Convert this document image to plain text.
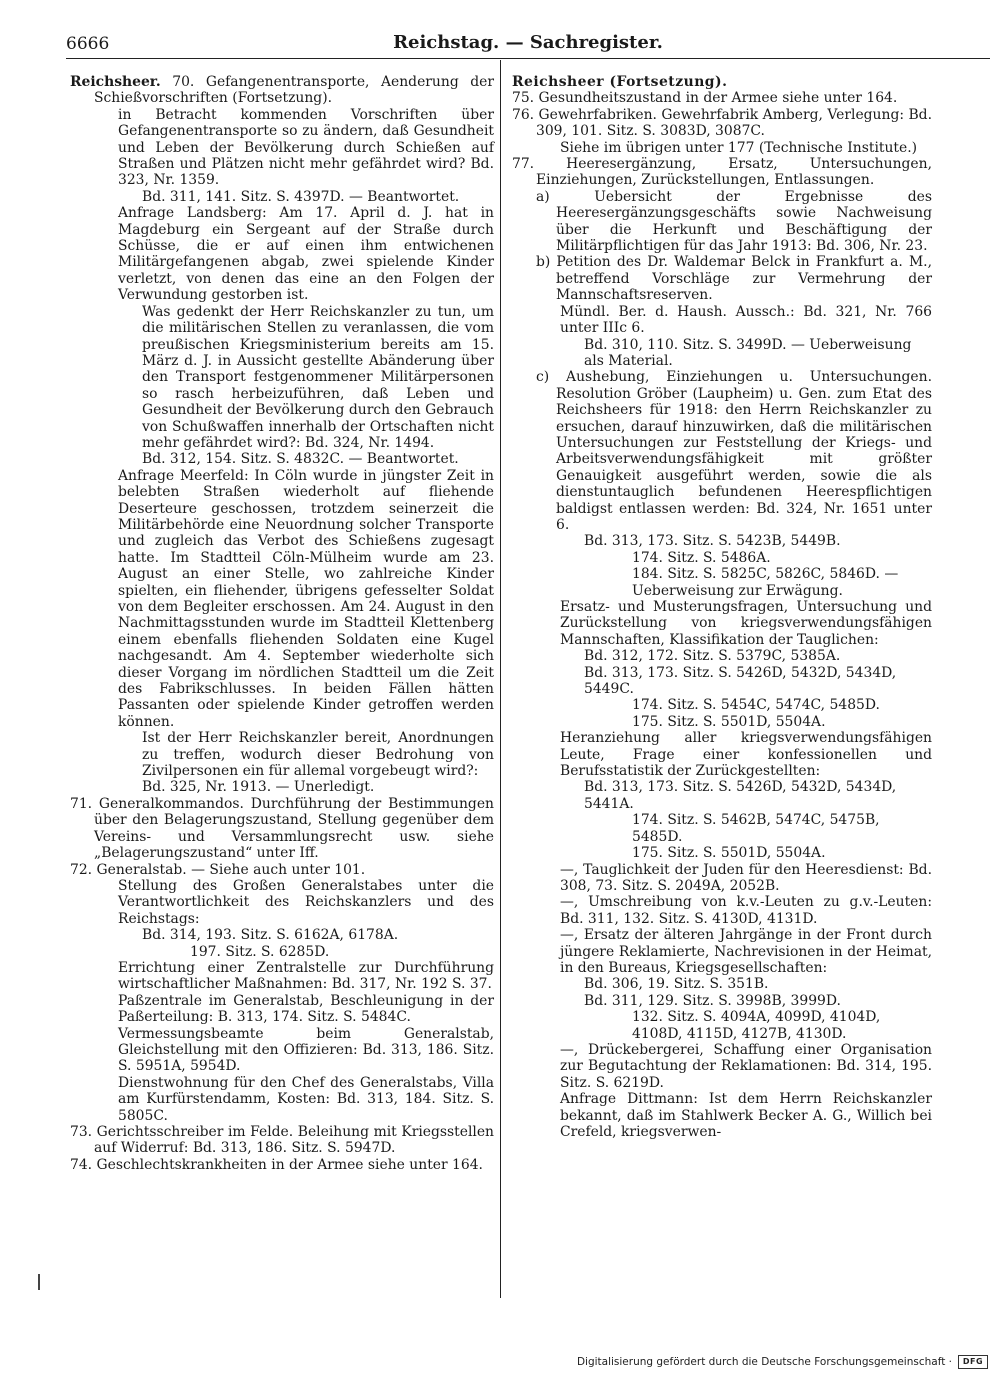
6666	Reichstag. — Sachregister.

Reichsheer. 70. Gefangenentransporte, Aenderung der Schießvorschriften (Fortsetzung).

in Betracht kommenden Vorschriften über Gefangenentransporte so zu ändern, daß Gesundheit und Leben der Bevölkerung durch Schießen auf Straßen und Plätzen nicht mehr gefährdet wird? Bd. 323, Nr. 1359.

Bd. 311, 141. Sitz. S. 4397D. — Beantwortet.

Anfrage Landsberg: Am 17. April d. J. hat in Magdeburg ein Sergeant auf der Straße durch Schüsse, die er auf einen ihm entwichenen Militärgefangenen abgab, zwei spielende Kinder verletzt, von denen das eine an den Folgen der Verwundung gestorben ist.

Was gedenkt der Herr Reichskanzler zu tun, um die militärischen Stellen zu veranlassen, die vom preußischen Kriegsministerium bereits am 15. März d. J. in Aussicht gestellte Abänderung über den Transport festgenommener Militärpersonen so rasch herbeizuführen, daß Leben und Gesundheit der Bevölkerung durch den Gebrauch von Schußwaffen innerhalb der Ortschaften nicht mehr gefährdet wird?: Bd. 324, Nr. 1494.

Bd. 312, 154. Sitz. S. 4832C. — Beantwortet.

Anfrage Meerfeld: In Cöln wurde in jüngster Zeit in belebten Straßen wiederholt auf fliehende Deserteure geschossen, trotzdem seinerzeit die Militärbehörde eine Neuordnung solcher Transporte und zugleich das Verbot des Schießens zugesagt hatte. Im Stadtteil Cöln-Mülheim wurde am 23. August an einer Stelle, wo zahlreiche Kinder spielten, ein fliehender, übrigens gefesselter Soldat von dem Begleiter erschossen. Am 24. August in den Nachmittagsstunden wurde im Stadtteil Klettenberg einem ebenfalls fliehenden Soldaten eine Kugel nachgesandt. Am 4. September wiederholte sich dieser Vorgang im nördlichen Stadtteil um die Zeit des Fabrikschlusses. In beiden Fällen hätten Passanten oder spielende Kinder getroffen werden können.

Ist der Herr Reichskanzler bereit, Anordnungen zu treffen, wodurch dieser Bedrohung von Zivilpersonen ein für allemal vorgebeugt wird?:

Bd. 325, Nr. 1913. — Unerledigt.

71. Generalkommandos. Durchführung der Bestimmungen über den Belagerungszustand, Stellung gegenüber dem Vereins- und Versammlungsrecht usw. siehe „Belagerungszustand“ unter Iff.

72. Generalstab. — Siehe auch unter 101.

Stellung des Großen Generalstabes unter die Verantwortlichkeit des Reichskanzlers und des Reichstags:

Bd. 314, 193. Sitz. S. 6162A, 6178A.

197. Sitz. S. 6285D.

Errichtung einer Zentralstelle zur Durchführung wirtschaftlicher Maßnahmen: Bd. 317, Nr. 192 S. 37.

Paßzentrale im Generalstab, Beschleunigung in der Paßerteilung: B. 313, 174. Sitz. S. 5484C.

Vermessungsbeamte beim Generalstab, Gleichstellung mit den Offizieren: Bd. 313, 186. Sitz. S. 5951A, 5954D.

Dienstwohnung für den Chef des Generalstabs, Villa am Kurfürstendamm, Kosten: Bd. 313, 184. Sitz. S. 5805C.

73. Gerichtsschreiber im Felde. Beleihung mit Kriegsstellen auf Widerruf: Bd. 313, 186. Sitz. S. 5947D.

74. Geschlechtskrankheiten in der Armee siehe unter 164.

Reichsheer (Fortsetzung).

75. Gesundheitszustand in der Armee siehe unter 164.

76. Gewehrfabriken. Gewehrfabrik Amberg, Verlegung: Bd. 309, 101. Sitz. S. 3083D, 3087C.

Siehe im übrigen unter 177 (Technische Institute.)

77. Heeresergänzung, Ersatz, Untersuchungen, Einziehungen, Zurückstellungen, Entlassungen.

a) Uebersicht der Ergebnisse des Heeresergänzungsgeschäfts sowie Nachweisung über die Herkunft und Beschäftigung der Militärpflichtigen für das Jahr 1913: Bd. 306, Nr. 23.

b) Petition des Dr. Waldemar Belck in Frankfurt a. M., betreffend Vorschläge zur Vermehrung der Mannschaftsreserven.

Mündl. Ber. d. Haush. Aussch.: Bd. 321, Nr. 766 unter IIIc 6.

Bd. 310, 110. Sitz. S. 3499D. — Ueberweisung als Material.

c) Aushebung, Einziehungen u. Untersuchungen. Resolution Gröber (Laupheim) u. Gen. zum Etat des Reichsheers für 1918: den Herrn Reichskanzler zu ersuchen, darauf hinzuwirken, daß die militärischen Untersuchungen zur Feststellung der Kriegs- und Arbeitsverwendungsfähigkeit mit größter Genauigkeit ausgeführt werden, sowie die als dienstuntauglich befundenen Heerespflichtigen baldigst entlassen werden: Bd. 324, Nr. 1651 unter 6.

Bd. 313, 173. Sitz. S. 5423B, 5449B.

174. Sitz. S. 5486A.

184. Sitz. S. 5825C, 5826C, 5846D. — Ueberweisung zur Erwägung.

Ersatz- und Musterungsfragen, Untersuchung und Zurückstellung von kriegsverwendungsfähigen Mannschaften, Klassifikation der Tauglichen:

Bd. 312, 172. Sitz. S. 5379C, 5385A.

Bd. 313, 173. Sitz. S. 5426D, 5432D, 5434D, 5449C.

174. Sitz. S. 5454C, 5474C, 5485D.

175. Sitz. S. 5501D, 5504A.

Heranziehung aller kriegsverwendungsfähigen Leute, Frage einer konfessionellen und Berufsstatistik der Zurückgestellten:

Bd. 313, 173. Sitz. S. 5426D, 5432D, 5434D, 5441A.

174. Sitz. S. 5462B, 5474C, 5475B, 5485D.

175. Sitz. S. 5501D, 5504A.

—, Tauglichkeit der Juden für den Heeresdienst: Bd. 308, 73. Sitz. S. 2049A, 2052B.

—, Umschreibung von k.v.-Leuten zu g.v.-Leuten: Bd. 311, 132. Sitz. S. 4130D, 4131D.

—, Ersatz der älteren Jahrgänge in der Front durch jüngere Reklamierte, Nachrevisionen in der Heimat, in den Bureaus, Kriegsgesellschaften:

Bd. 306, 19. Sitz. S. 351B.

Bd. 311, 129. Sitz. S. 3998B, 3999D.

132. Sitz. S. 4094A, 4099D, 4104D, 4108D, 4115D, 4127B, 4130D.

—, Drückebergerei, Schaffung einer Organisation zur Begutachtung der Reklamationen: Bd. 314, 195. Sitz. S. 6219D.

Anfrage Dittmann: Ist dem Herrn Reichskanzler bekannt, daß im Stahlwerk Becker A. G., Willich bei Crefeld, kriegsverwen-

Digitalisierung gefördert durch die Deutsche Forschungsgemeinschaft ·	DFG
